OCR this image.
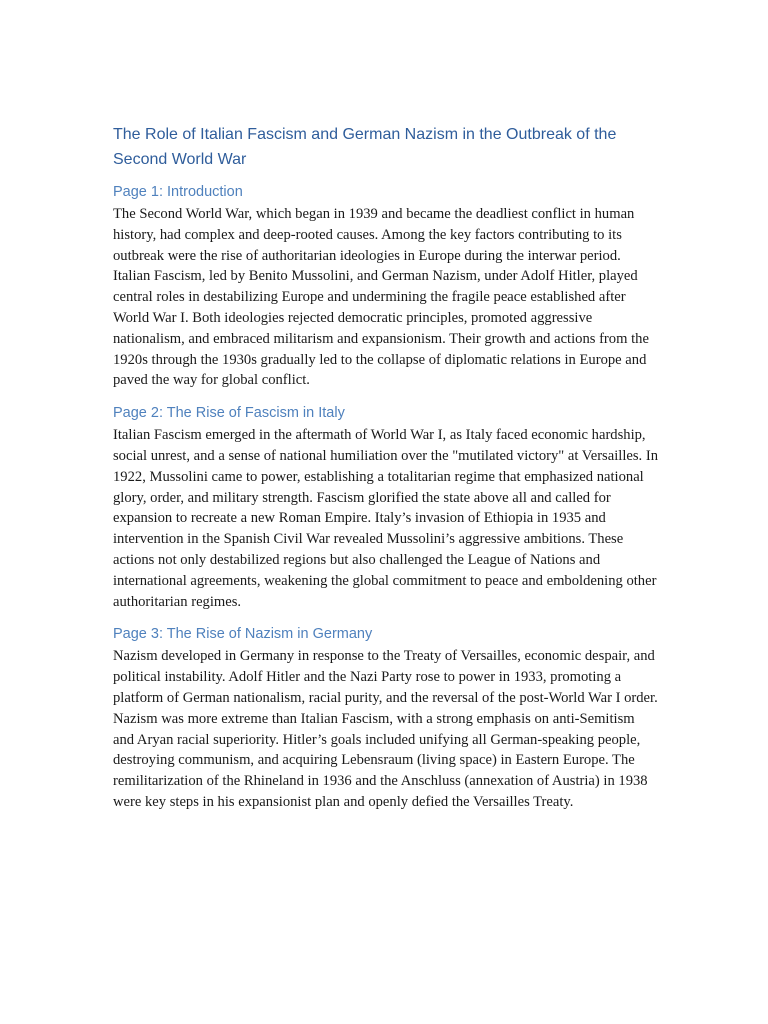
The Role of Italian Fascism and German Nazism in the Outbreak of the Second World War
Page 1: Introduction

The Second World War, which began in 1939 and became the deadliest conflict in human history, had complex and deep-rooted causes. Among the key factors contributing to its outbreak were the rise of authoritarian ideologies in Europe during the interwar period. Italian Fascism, led by Benito Mussolini, and German Nazism, under Adolf Hitler, played central roles in destabilizing Europe and undermining the fragile peace established after World War I. Both ideologies rejected democratic principles, promoted aggressive nationalism, and embraced militarism and expansionism. Their growth and actions from the 1920s through the 1930s gradually led to the collapse of diplomatic relations in Europe and paved the way for global conflict.

Page 2: The Rise of Fascism in Italy

Italian Fascism emerged in the aftermath of World War I, as Italy faced economic hardship, social unrest, and a sense of national humiliation over the "mutilated victory" at Versailles. In 1922, Mussolini came to power, establishing a totalitarian regime that emphasized national glory, order, and military strength. Fascism glorified the state above all and called for expansion to recreate a new Roman Empire. Italy’s invasion of Ethiopia in 1935 and intervention in the Spanish Civil War revealed Mussolini’s aggressive ambitions. These actions not only destabilized regions but also challenged the League of Nations and international agreements, weakening the global commitment to peace and emboldening other authoritarian regimes.

Page 3: The Rise of Nazism in Germany

Nazism developed in Germany in response to the Treaty of Versailles, economic despair, and political instability. Adolf Hitler and the Nazi Party rose to power in 1933, promoting a platform of German nationalism, racial purity, and the reversal of the post-World War I order. Nazism was more extreme than Italian Fascism, with a strong emphasis on anti-Semitism and Aryan racial superiority. Hitler’s goals included unifying all German-speaking people, destroying communism, and acquiring Lebensraum (living space) in Eastern Europe. The remilitarization of the Rhineland in 1936 and the Anschluss (annexation of Austria) in 1938 were key steps in his expansionist plan and openly defied the Versailles Treaty.
